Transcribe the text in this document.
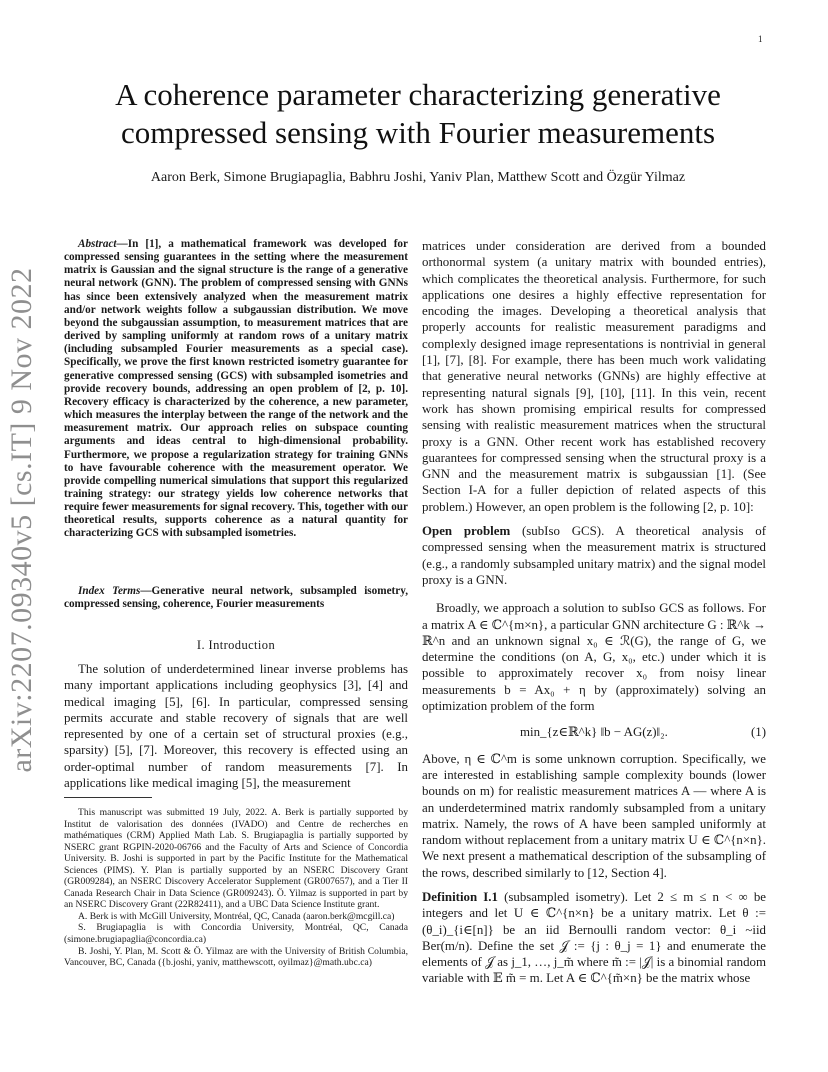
1
arXiv:2207.09340v5 [cs.IT] 9 Nov 2022
A coherence parameter characterizing generative compressed sensing with Fourier measurements
Aaron Berk, Simone Brugiapaglia, Babhru Joshi, Yaniv Plan, Matthew Scott and Özgür Yilmaz

Abstract—In [1], a mathematical framework was developed for compressed sensing guarantees in the setting where the measurement matrix is Gaussian and the signal structure is the range of a generative neural network (GNN). The problem of compressed sensing with GNNs has since been extensively analyzed when the measurement matrix and/or network weights follow a subgaussian distribution. We move beyond the subgaussian assumption, to measurement matrices that are derived by sampling uniformly at random rows of a unitary matrix (including subsampled Fourier measurements as a special case). Specifically, we prove the first known restricted isometry guarantee for generative compressed sensing (GCS) with subsampled isometries and provide recovery bounds, addressing an open problem of [2, p. 10]. Recovery efficacy is characterized by the coherence, a new parameter, which measures the interplay between the range of the network and the measurement matrix. Our approach relies on subspace counting arguments and ideas central to high-dimensional probability. Furthermore, we propose a regularization strategy for training GNNs to have favourable coherence with the measurement operator. We provide compelling numerical simulations that support this regularized training strategy: our strategy yields low coherence networks that require fewer measurements for signal recovery. This, together with our theoretical results, supports coherence as a natural quantity for characterizing GCS with subsampled isometries.

Index Terms—Generative neural network, subsampled isometry, compressed sensing, coherence, Fourier measurements

I. Introduction

The solution of underdetermined linear inverse problems has many important applications including geophysics [3], [4] and medical imaging [5], [6]. In particular, compressed sensing permits accurate and stable recovery of signals that are well represented by one of a certain set of structural proxies (e.g., sparsity) [5], [7]. Moreover, this recovery is effected using an order-optimal number of random measurements [7]. In applications like medical imaging [5], the measurement

This manuscript was submitted 19 July, 2022. A. Berk is partially supported by Institut de valorisation des données (IVADO) and Centre de recherches en mathématiques (CRM) Applied Math Lab. S. Brugiapaglia is partially supported by NSERC grant RGPIN-2020-06766 and the Faculty of Arts and Science of Concordia University. B. Joshi is supported in part by the Pacific Institute for the Mathematical Sciences (PIMS). Y. Plan is partially supported by an NSERC Discovery Grant (GR009284), an NSERC Discovery Accelerator Supplement (GR007657), and a Tier II Canada Research Chair in Data Science (GR009243). Ö. Yilmaz is supported in part by an NSERC Discovery Grant (22R82411), and a UBC Data Science Institute grant.

A. Berk is with McGill University, Montréal, QC, Canada (aaron.berk@mcgill.ca)

S. Brugiapaglia is with Concordia University, Montréal, QC, Canada (simone.brugiapaglia@concordia.ca)

B. Joshi, Y. Plan, M. Scott & Ö. Yilmaz are with the University of British Columbia, Vancouver, BC, Canada ({b.joshi, yaniv, matthewscott, oyilmaz}@math.ubc.ca)

matrices under consideration are derived from a bounded orthonormal system (a unitary matrix with bounded entries), which complicates the theoretical analysis. Furthermore, for such applications one desires a highly effective representation for encoding the images. Developing a theoretical analysis that properly accounts for realistic measurement paradigms and complexly designed image representations is nontrivial in general [1], [7], [8]. For example, there has been much work validating that generative neural networks (GNNs) are highly effective at representing natural signals [9], [10], [11]. In this vein, recent work has shown promising empirical results for compressed sensing with realistic measurement matrices when the structural proxy is a GNN. Other recent work has established recovery guarantees for compressed sensing when the structural proxy is a GNN and the measurement matrix is subgaussian [1]. (See Section I-A for a fuller depiction of related aspects of this problem.) However, an open problem is the following [2, p. 10]:

Open problem (subIso GCS). A theoretical analysis of compressed sensing when the measurement matrix is structured (e.g., a randomly subsampled unitary matrix) and the signal model proxy is a GNN.

Broadly, we approach a solution to subIso GCS as follows. For a matrix A ∈ ℂ^{m×n}, a particular GNN architecture G : ℝ^k → ℝ^n and an unknown signal x₀ ∈ ℛ(G), the range of G, we determine the conditions (on A, G, x₀, etc.) under which it is possible to approximately recover x₀ from noisy linear measurements b = Ax₀ + η by (approximately) solving an optimization problem of the form

min_{z∈ℝ^k} ‖b − AG(z)‖₂.	(1)

Above, η ∈ ℂ^m is some unknown corruption. Specifically, we are interested in establishing sample complexity bounds (lower bounds on m) for realistic measurement matrices A — where A is an underdetermined matrix randomly subsampled from a unitary matrix. Namely, the rows of A have been sampled uniformly at random without replacement from a unitary matrix U ∈ ℂ^{n×n}. We next present a mathematical description of the subsampling of the rows, described similarly to [12, Section 4].

Definition I.1 (subsampled isometry). Let 2 ≤ m ≤ n < ∞ be integers and let U ∈ ℂ^{n×n} be a unitary matrix. Let θ := (θ_i)_{i∈[n]} be an iid Bernoulli random vector: θ_i ~iid Ber(m/n). Define the set 𝒥 := {j : θ_j = 1} and enumerate the elements of 𝒥 as j_1, …, j_m̃ where m̃ := |𝒥| is a binomial random variable with 𝔼 m̃ = m. Let A ∈ ℂ^{m̃×n} be the matrix whose
